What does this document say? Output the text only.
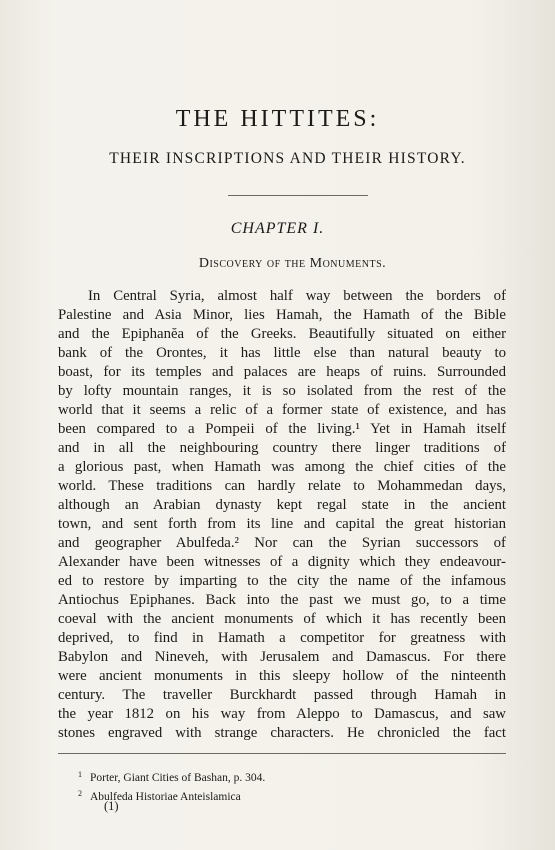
THE HITTITES:
THEIR INSCRIPTIONS AND THEIR HISTORY.
CHAPTER I.
Discovery of the Monuments.
In Central Syria, almost half way between the borders of
Palestine and Asia Minor, lies Hamah, the Hamath of the Bible
and the Epiphanĕa of the Greeks. Beautifully situated on either
bank of the Orontes, it has little else than natural beauty to
boast, for its temples and palaces are heaps of ruins. Surrounded
by lofty mountain ranges, it is so isolated from the rest of the
world that it seems a relic of a former state of existence, and has
been compared to a Pompeii of the living.¹ Yet in Hamah itself
and in all the neighbouring country there linger traditions of
a glorious past, when Hamath was among the chief cities of the
world. These traditions can hardly relate to Mohammedan days,
although an Arabian dynasty kept regal state in the ancient
town, and sent forth from its line and capital the great historian
and geographer Abulfeda.² Nor can the Syrian successors of
Alexander have been witnesses of a dignity which they endeavour-
ed to restore by imparting to the city the name of the infamous
Antiochus Epiphanes. Back into the past we must go, to a time
coeval with the ancient monuments of which it has recently been
deprived, to find in Hamath a competitor for greatness with
Babylon and Nineveh, with Jerusalem and Damascus. For there
were ancient monuments in this sleepy hollow of the ninteenth
century. The traveller Burckhardt passed through Hamah in
the year 1812 on his way from Aleppo to Damascus, and saw
stones engraved with strange characters. He chronicled the fact
$^1$ Porter, Giant Cities of Bashan, p. 304.
$^2$ Abulfeda Historiae Anteislamica
(1)
